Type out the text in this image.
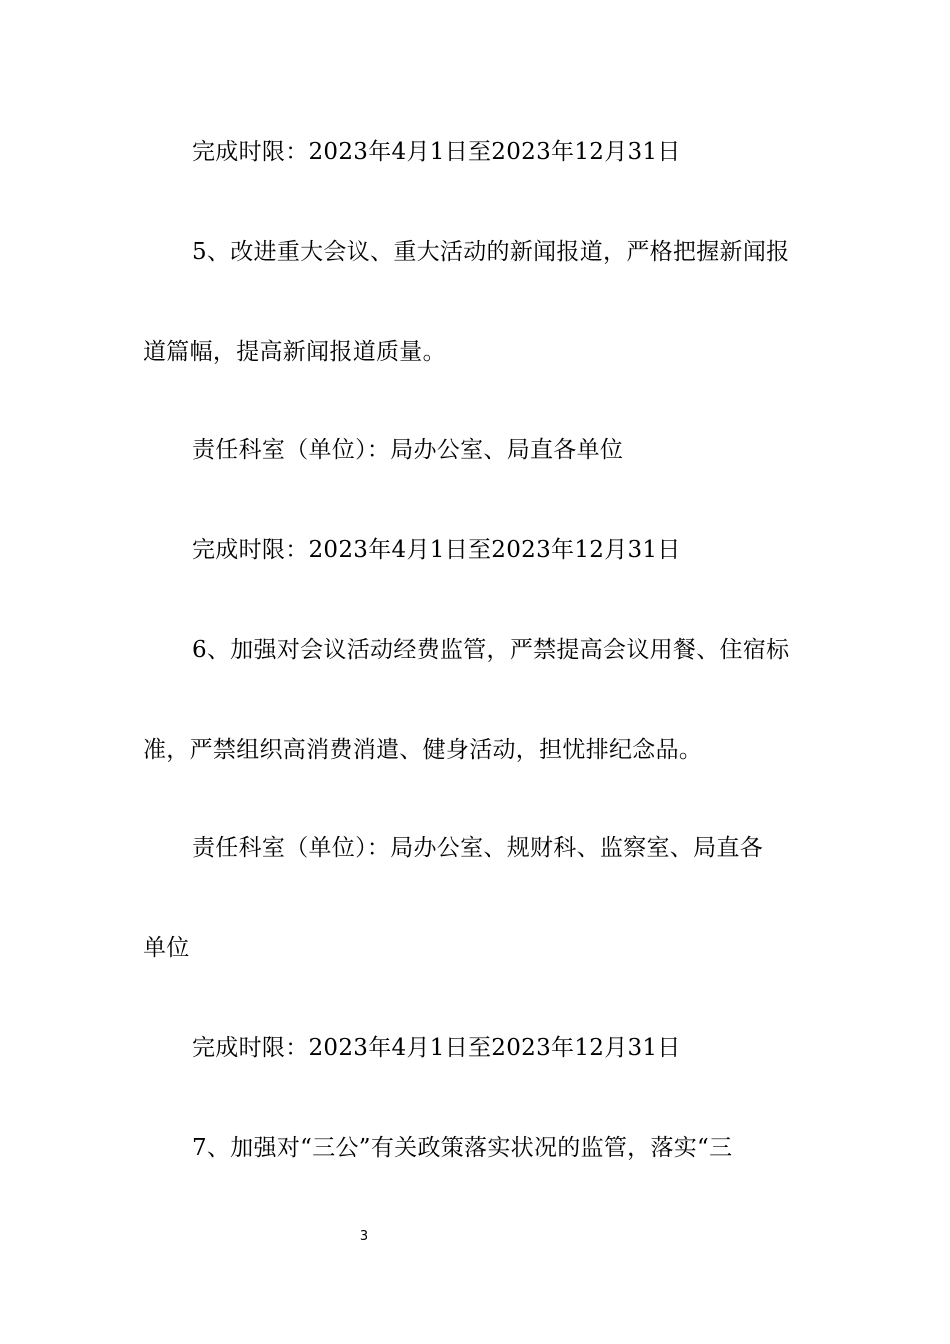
完成时限：2023年4月1日至2023年12月31日
5、改进重大会议、重大活动的新闻报道，严格把握新闻报
道篇幅，提高新闻报道质量。
责任科室（单位）：局办公室、局直各单位
完成时限：2023年4月1日至2023年12月31日
6、加强对会议活动经费监管，严禁提高会议用餐、住宿标
准，严禁组织高消费消遣、健身活动，担忧排纪念品。
责任科室（单位）：局办公室、规财科、监察室、局直各
单位
完成时限：2023年4月1日至2023年12月31日
7、加强对“三公”有关政策落实状况的监管，落实“三
3
